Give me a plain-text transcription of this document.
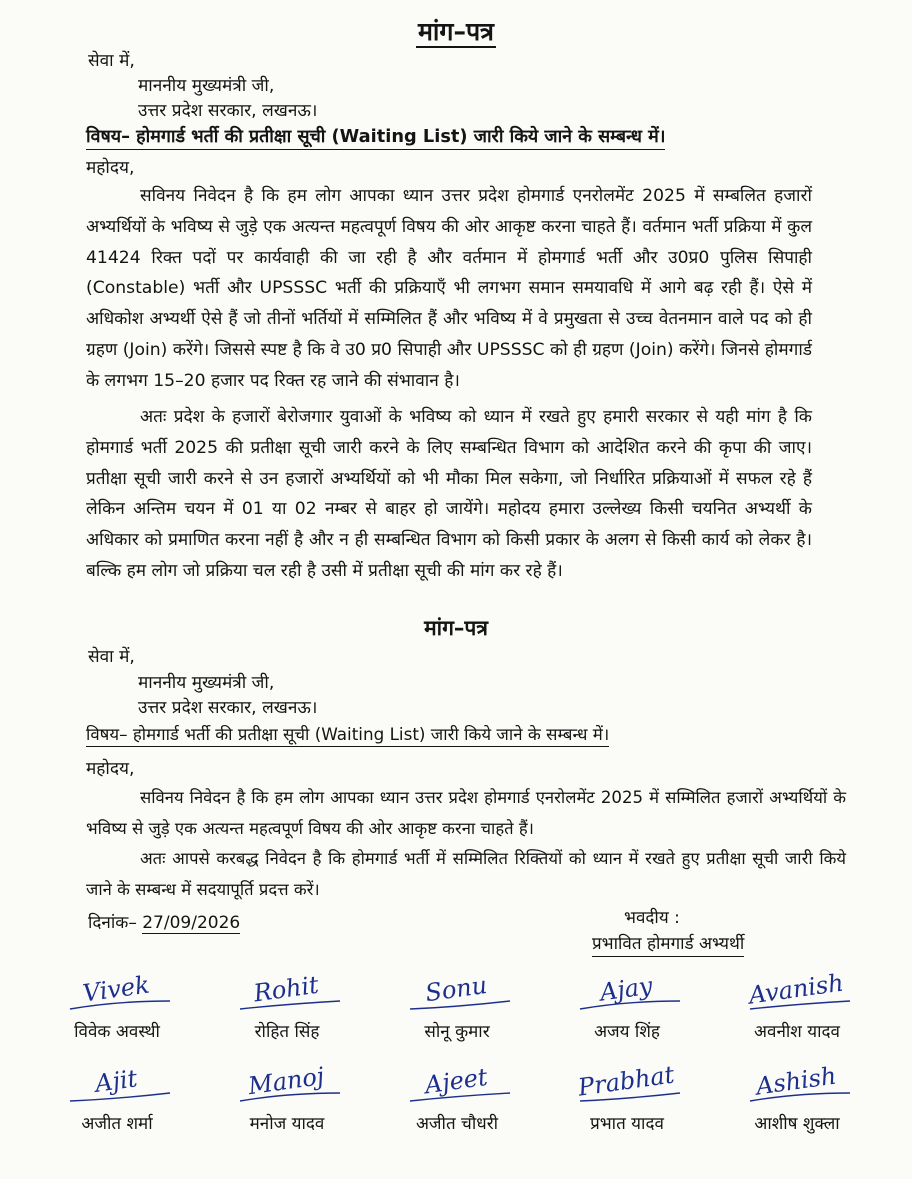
मांग–पत्र
सेवा में,
माननीय मुख्यमंत्री जी,
उत्तर प्रदेश सरकार, लखनऊ।
विषय– होमगार्ड भर्ती की प्रतीक्षा सूची (Waiting List) जारी किये जाने के सम्बन्ध में।
महोदय,
सविनय निवेदन है कि हम लोग आपका ध्यान उत्तर प्रदेश होमगार्ड एनरोलमेंट 2025 में सम्बलित हजारों अभ्यर्थियों के भविष्य से जुड़े एक अत्यन्त महत्वपूर्ण विषय की ओर आकृष्ट करना चाहते हैं। वर्तमान भर्ती प्रक्रिया में कुल 41424 रिक्त पदों पर कार्यवाही की जा रही है और वर्तमान में होमगार्ड भर्ती और उ0प्र0 पुलिस सिपाही (Constable) भर्ती और UPSSSC भर्ती की प्रक्रियाएँ भी लगभग समान समयावधि में आगे बढ़ रही हैं। ऐसे में अधिकोश अभ्यर्थी ऐसे हैं जो तीनों भर्तियों में सम्मिलित हैं और भविष्य में वे प्रमुखता से उच्च वेतनमान वाले पद को ही ग्रहण (Join) करेंगे। जिससे स्पष्ट है कि वे उ0 प्र0 सिपाही और UPSSSC को ही ग्रहण (Join) करेंगे। जिनसे होमगार्ड के लगभग 15–20 हजार पद रिक्त रह जाने की संभावान है।
अतः प्रदेश के हजारों बेरोजगार युवाओं के भविष्य को ध्यान में रखते हुए हमारी सरकार से यही मांग है कि होमगार्ड भर्ती 2025 की प्रतीक्षा सूची जारी करने के लिए सम्बन्धित विभाग को आदेशित करने की कृपा की जाए। प्रतीक्षा सूची जारी करने से उन हजारों अभ्यर्थियों को भी मौका मिल सकेगा, जो निर्धारित प्रक्रियाओं में सफल रहे हैं लेकिन अन्तिम चयन में 01 या 02 नम्बर से बाहर हो जायेंगे। महोदय हमारा उल्लेख्य किसी चयनित अभ्यर्थी के अधिकार को प्रमाणित करना नहीं है और न ही सम्बन्धित विभाग को किसी प्रकार के अलग से किसी कार्य को लेकर है। बल्कि हम लोग जो प्रक्रिया चल रही है उसी में प्रतीक्षा सूची की मांग कर रहे हैं।
मांग–पत्र
सेवा में,
माननीय मुख्यमंत्री जी,
उत्तर प्रदेश सरकार, लखनऊ।
विषय– होमगार्ड भर्ती की प्रतीक्षा सूची (Waiting List) जारी किये जाने के सम्बन्ध में।
महोदय,
सविनय निवेदन है कि हम लोग आपका ध्यान उत्तर प्रदेश होमगार्ड एनरोलमेंट 2025 में सम्मिलित हजारों अभ्यर्थियों के भविष्य से जुड़े एक अत्यन्त महत्वपूर्ण विषय की ओर आकृष्ट करना चाहते हैं।
अतः आपसे करबद्ध निवेदन है कि होमगार्ड भर्ती में सम्मिलित रिक्तियों को ध्यान में रखते हुए प्रतीक्षा सूची जारी किये जाने के सम्बन्ध में सदयापूर्ति प्रदत्त करें।
दिनांक– 27/09/2026	भवदीय :
प्रभावित होमगार्ड अभ्यर्थी
Vivek
विवेक अवस्थी
Rohit
रोहित सिंह
Sonu
सोनू कुमार
Ajay
अजय शिंह
Avanish
अवनीश यादव
Ajit
अजीत शर्मा
Manoj
मनोज यादव
Ajeet
अजीत चौधरी
Prabhat
प्रभात यादव
Ashish
आशीष शुक्ला
